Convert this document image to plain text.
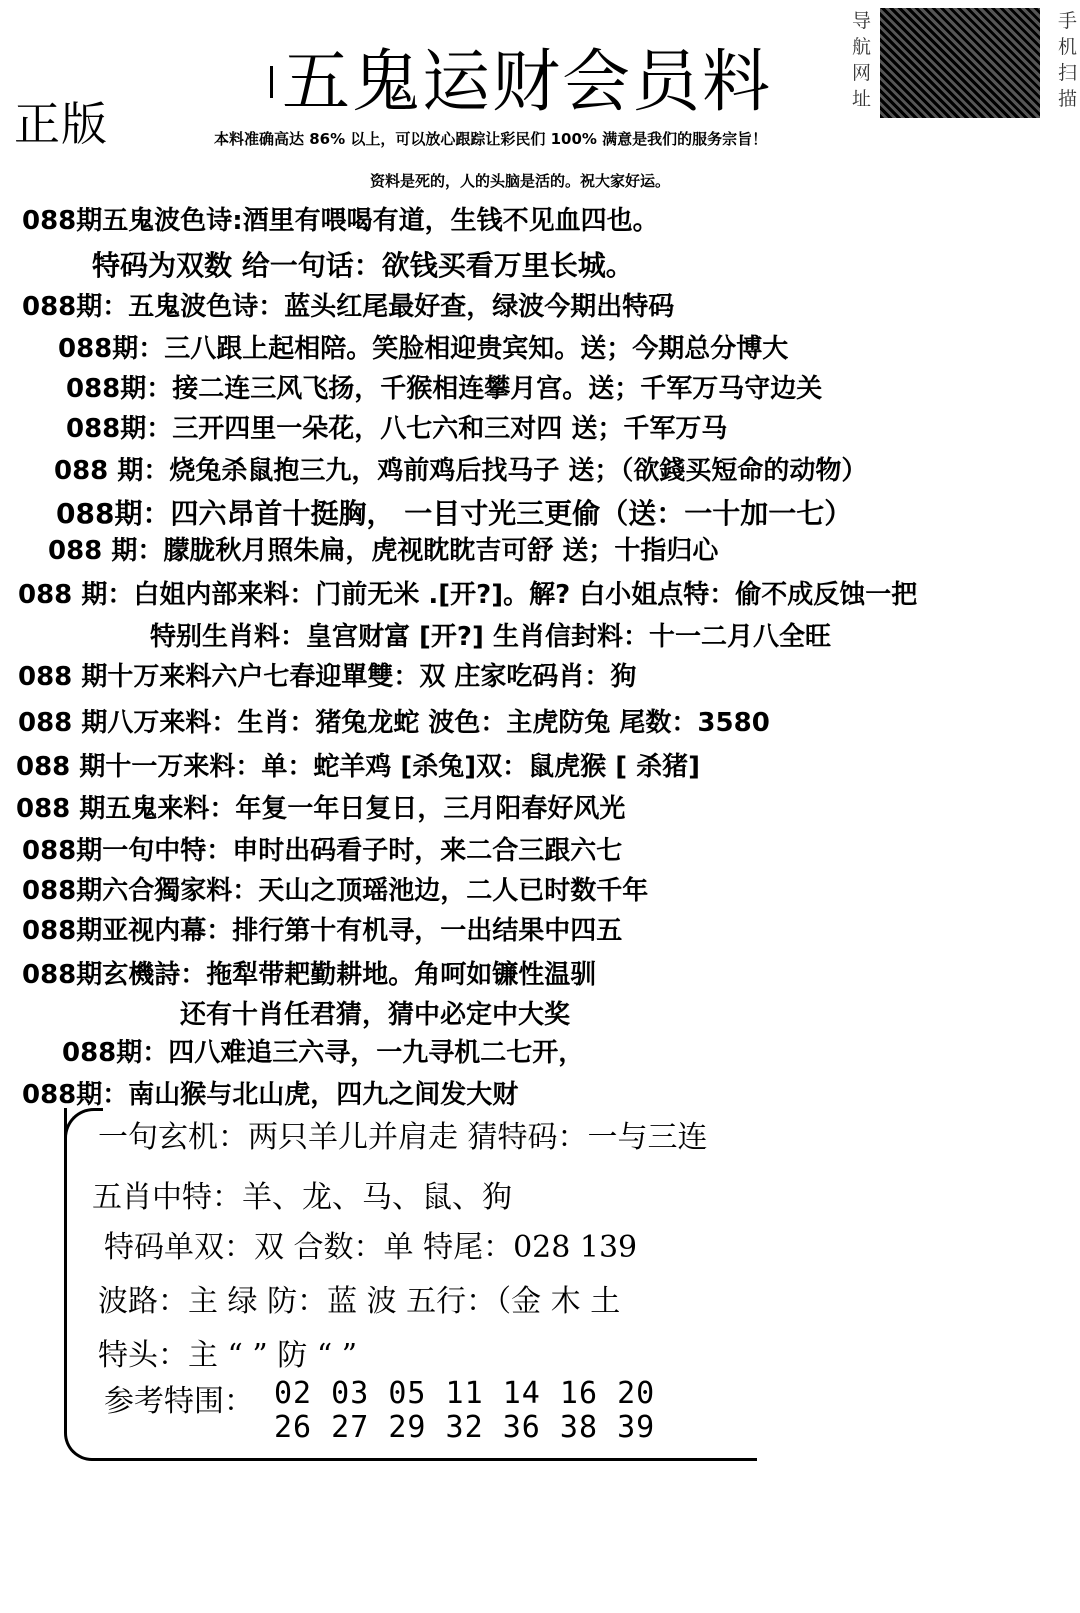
正版
五鬼运财会员料
导航网址
手机扫描
本料准确高达 86% 以上，可以放心跟踪让彩民们 100% 满意是我们的服务宗旨！
资料是死的，人的头脑是活的。祝大家好运。
088期五鬼波色诗:酒里有喂喝有道，生钱不见血四也。
特码为双数 给一句话：欲钱买看万里长城。
088期：五鬼波色诗：蓝头红尾最好查，绿波今期出特码
088期：三八跟上起相陪。笑脸相迎贵宾知。送；今期总分博大
088期：接二连三风飞扬，千猴相连攀月宫。送；千军万马守边关
088期：三开四里一朵花，八七六和三对四 送；千军万马
088 期：烧兔杀鼠抱三九，鸡前鸡后找马子 送；（欲錢买短命的动物）
088期：四六昂首十挺胸， 一目寸光三更偷（送：一十加一七）
088 期：朦胧秋月照朱扁，虎视眈眈吉可舒 送；十指归心
088 期：白姐内部来料：门前无米 .[开?]。解? 白小姐点特：偷不成反蚀一把
特别生肖料：皇宫财富 [开?] 生肖信封料：十一二月八全旺
088 期十万来料六户七春迎單雙：双 庄家吃码肖：狗
088 期八万来料：生肖：猪兔龙蛇 波色：主虎防兔 尾数：3580
088 期十一万来料：单：蛇羊鸡 [杀兔]双：鼠虎猴 [ 杀猪]
088 期五鬼来料：年复一年日复日，三月阳春好风光
088期一句中特：申时出码看子时，来二合三跟六七
088期六合獨家料：天山之顶瑶池边，二人已时数千年
088期亚视内幕：排行第十有机寻，一出结果中四五
088期玄機詩：拖犁带耙勤耕地。角呵如镰性温驯
还有十肖任君猜，猜中必定中大奖
088期：四八难追三六寻，一九寻机二七开，
088期：南山猴与北山虎，四九之间发大财
一句玄机：两只羊儿并肩走 猜特码：一与三连
五肖中特：羊、龙、马、鼠、狗
特码单双：双 合数：单 特尾：028 139
波路：主 绿 防：蓝 波 五行：（金 木 土
特头：主 “ ” 防 “ ”
参考特围： 02 03 05 11 14 16 20
26 27 29 32 36 38 39
